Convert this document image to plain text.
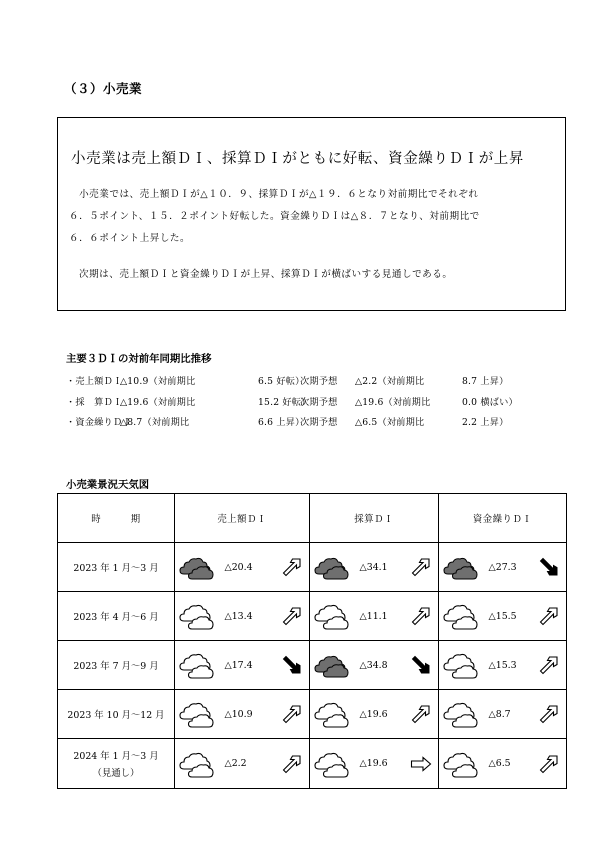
（３）小売業
小売業は売上額ＤＩ、採算ＤＩがともに好転、資金繰りＤＩが上昇
　小売業では、売上額ＤＩが△１０．９、採算ＤＩが△１９．６となり対前期比でそれぞれ
６．５ポイント、１５．２ポイント好転した。資金繰りＤＩは△８．７となり、対前期比で
６．６ポイント上昇した。
次期は、売上額ＤＩと資金繰りＤＩが上昇、採算ＤＩが横ばいする見通しである。
主要３ＤＩの対前年同期比推移
・売上額ＤＩ
△10.9（対前期比	6.5 好転）
次期予想 △2.2（対前期比	8.7 上昇）
・採　算ＤＩ
△19.6（対前期比	15.2 好転）
次期予想 △19.6（対前期比	0.0 横ばい）
・資金繰りＤＩ
△8.7（対前期比	6.6 上昇）
次期予想 △6.5（対前期比	2.2 上昇）
小売業景況天気図
時　　　期	売上額ＤＩ		採算ＤＩ		資金繰りＤＩ	

2023 年 1 月～3 月		△20.4		△34.1		△27.3

2023 年 4 月～6 月		△13.4		△11.1		△15.5

2023 年 7 月～9 月		△17.4		△34.8		△15.3

2023 年 10 月～12 月		△10.9		△19.6		△8.7

2024 年 1 月～3 月
（見通し）		△2.2		△19.6		△6.5
